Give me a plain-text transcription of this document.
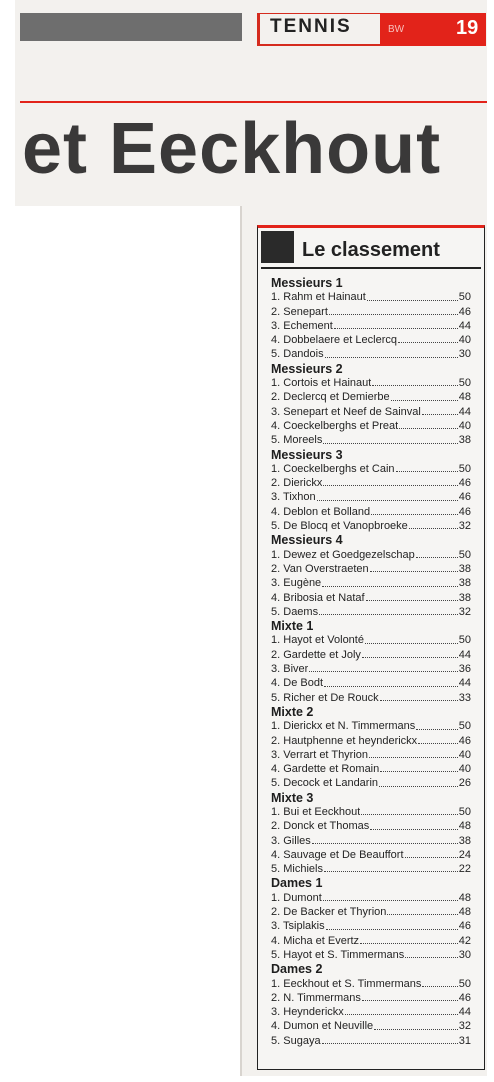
TENNIS	BW	19
et Eeckhout
Le classement
Messieurs 1
1. Rahm et Hainaut	50
2. Senepart	46
3. Echement	44
4. Dobbelaere et Leclercq	40
5. Dandois	30
Messieurs 2
1. Cortois et Hainaut	50
2. Declercq et Demierbe	48
3. Senepart et Neef de Sainval	44
4. Coeckelberghs et Preat	40
5. Moreels	38
Messieurs 3
1. Coeckelberghs et Cain	50
2. Dierickx	46
3. Tixhon	46
4. Deblon et Bolland	46
5. De Blocq et Vanopbroeke	32
Messieurs 4
1. Dewez et Goedgezelschap	50
2. Van Overstraeten	38
3. Eugène	38
4. Bribosia et Nataf	38
5. Daems	32
Mixte 1
1. Hayot et Volonté	50
2. Gardette et Joly	44
3. Biver	36
4. De Bodt	44
5. Richer et De Rouck	33
Mixte 2
1. Dierickx et N. Timmermans	50
2. Hautphenne et heynderickx	46
3. Verrart et Thyrion	40
4. Gardette et Romain	40
5. Decock et Landarin	26
Mixte 3
1. Bui et Eeckhout	50
2. Donck et Thomas	48
3. Gilles	38
4. Sauvage et De Beauffort	24
5. Michiels	22
Dames 1
1. Dumont	48
2. De Backer et Thyrion	48
3. Tsiplakis	46
4. Micha et Evertz	42
5. Hayot et S. Timmermans	30
Dames 2
1. Eeckhout et S. Timmermans	50
2. N. Timmermans	46
3. Heynderickx	44
4. Dumon et Neuville	32
5. Sugaya	31
